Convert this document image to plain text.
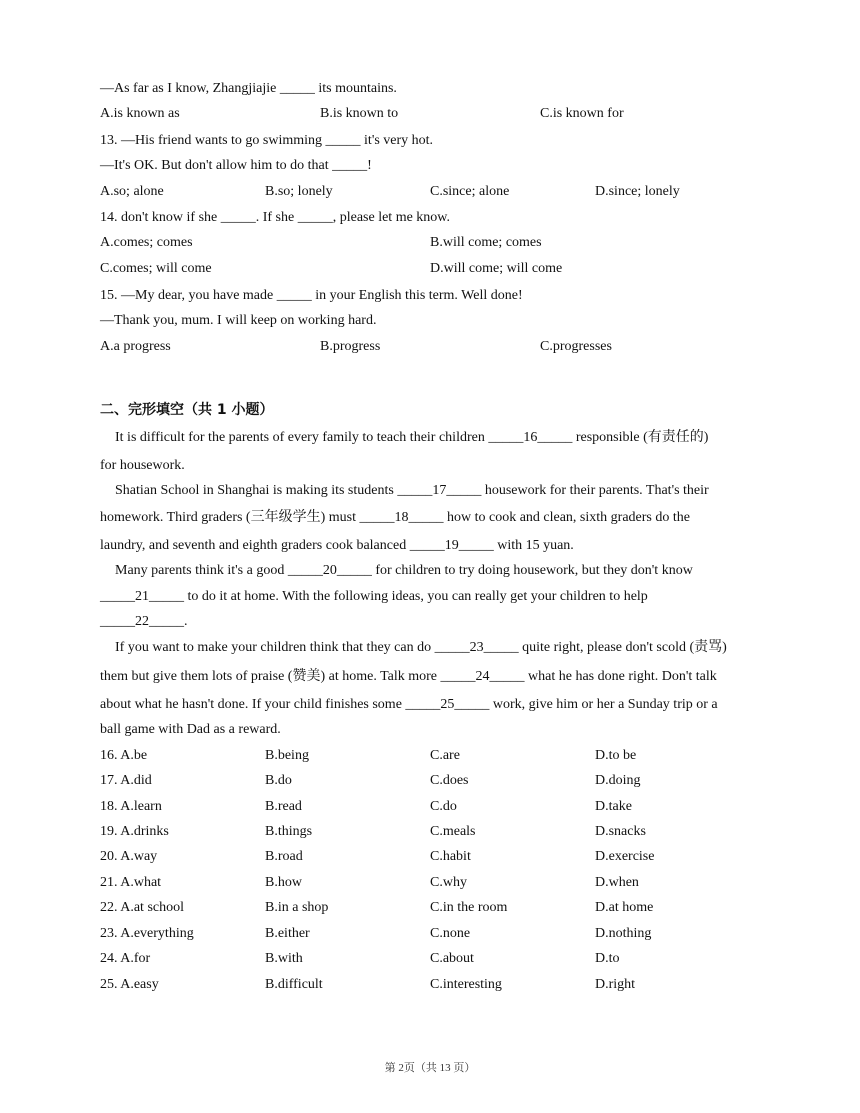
—As far as I know, Zhangjiajie _____ its mountains.
A.is known as	B.is known to	C.is known for
13. —His friend wants to go swimming _____ it's very hot.
—It's OK. But don't allow him to do that _____!
A.so; alone	B.so; lonely	C.since; alone	D.since; lonely
14. don't know if she _____. If she _____, please let me know.
A.comes; comes	B.will come; comes
C.comes; will come	D.will come; will come
15. —My dear, you have made _____ in your English this term. Well done!
—Thank you, mum. I will keep on working hard.
A.a progress	B.progress	C.progresses
二、完形填空（共 1 小题）
It is difficult for the parents of every family to teach their children _____16_____ responsible (有责任的)
for housework.
Shatian School in Shanghai is making its students _____17_____ housework for their parents. That's their
homework. Third graders (三年级学生) must _____18_____ how to cook and clean, sixth graders do the
laundry, and seventh and eighth graders cook balanced _____19_____ with 15 yuan.
Many parents think it's a good _____20_____ for children to try doing housework, but they don't know
_____21_____ to do it at home. With the following ideas, you can really get your children to help
_____22_____.
If you want to make your children think that they can do _____23_____ quite right, please don't scold (责骂)
them but give them lots of praise (赞美) at home. Talk more _____24_____ what he has done right. Don't talk
about what he hasn't done. If your child finishes some _____25_____ work, give him or her a Sunday trip or a
ball game with Dad as a reward.
16. A.be	B.being	C.are	D.to be
17. A.did	B.do	C.does	D.doing
18. A.learn	B.read	C.do	D.take
19. A.drinks	B.things	C.meals	D.snacks
20. A.way	B.road	C.habit	D.exercise
21. A.what	B.how	C.why	D.when
22. A.at school	B.in a shop	C.in the room	D.at home
23. A.everything	B.either	C.none	D.nothing
24. A.for	B.with	C.about	D.to
25. A.easy	B.difficult	C.interesting	D.right
第 2页（共 13 页）
